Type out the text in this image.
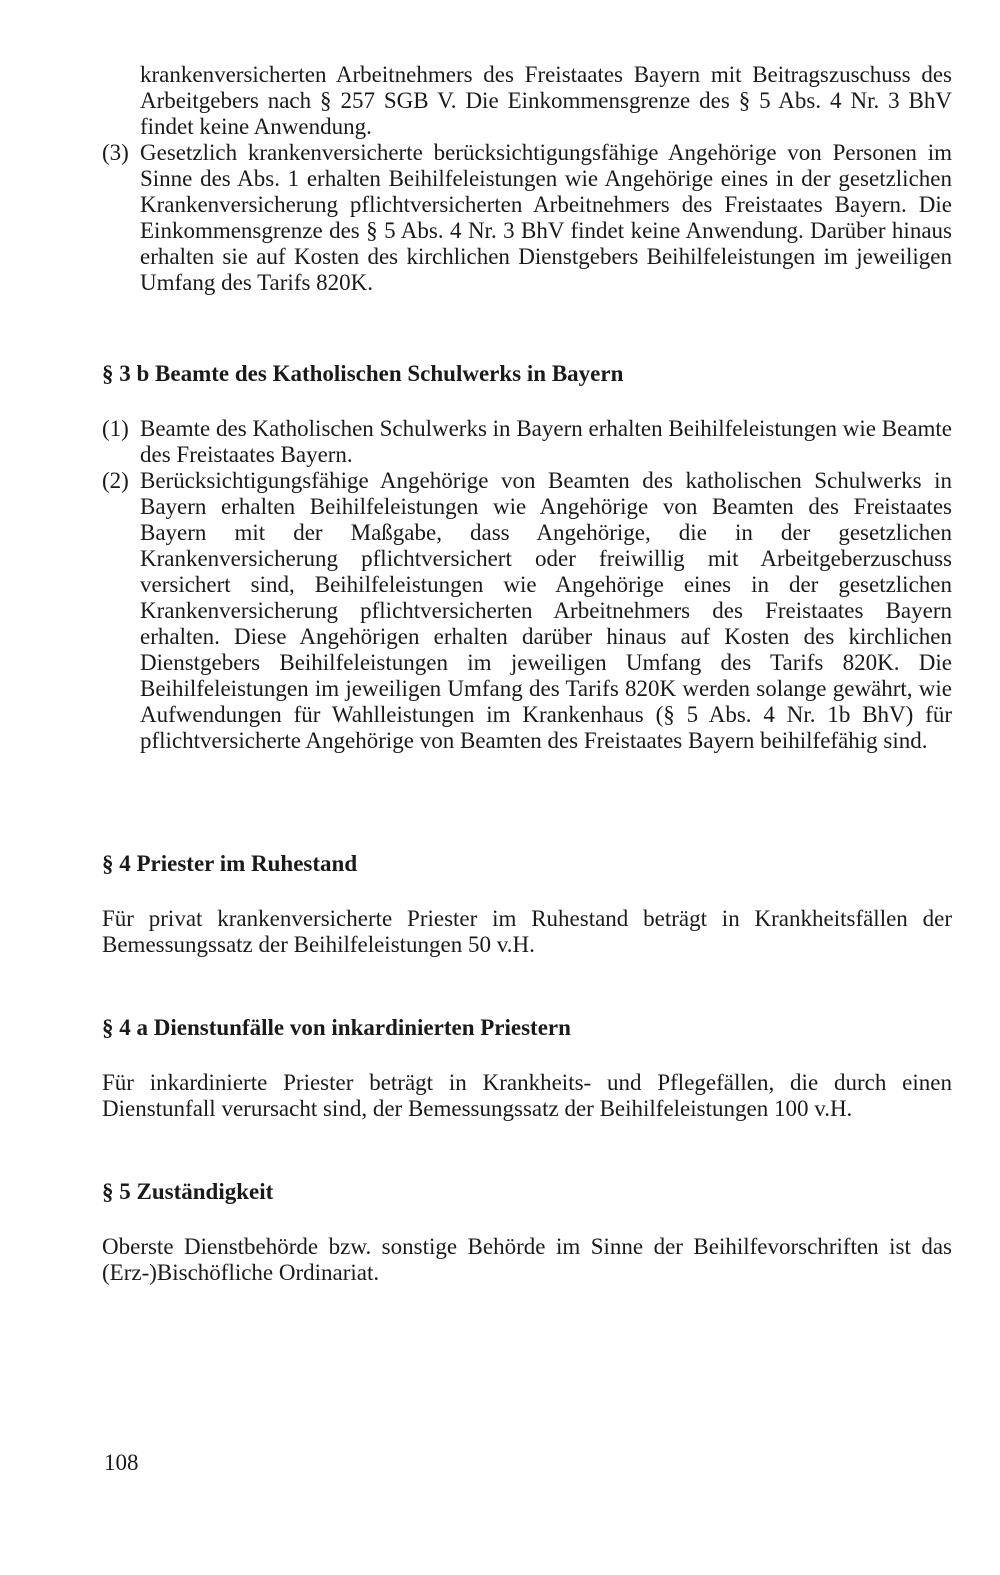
krankenversicherten Arbeitnehmers des Freistaates Bayern mit Beitragszuschuss des Arbeitgebers nach § 257 SGB V. Die Einkommensgrenze des § 5 Abs. 4 Nr. 3 BhV findet keine Anwendung.
(3) Gesetzlich krankenversicherte berücksichtigungsfähige Angehörige von Personen im Sinne des Abs. 1 erhalten Beihilfeleistungen wie Angehörige eines in der gesetzlichen Krankenversicherung pflichtversicherten Arbeitnehmers des Freistaates Bayern. Die Einkommensgrenze des § 5 Abs. 4 Nr. 3 BhV findet keine Anwendung. Darüber hinaus erhalten sie auf Kosten des kirchlichen Dienstgebers Beihilfeleistungen im jeweiligen Umfang des Tarifs 820K.
§ 3 b Beamte des Katholischen Schulwerks in Bayern
(1) Beamte des Katholischen Schulwerks in Bayern erhalten Beihilfeleistungen wie Beamte des Freistaates Bayern.
(2) Berücksichtigungsfähige Angehörige von Beamten des katholischen Schulwerks in Bayern erhalten Beihilfeleistungen wie Angehörige von Beamten des Freistaates Bayern mit der Maßgabe, dass Angehörige, die in der gesetzlichen Krankenversicherung pflichtversichert oder freiwillig mit Arbeitgeberzuschuss versichert sind, Beihilfeleistungen wie Angehörige eines in der gesetzlichen Krankenversicherung pflichtversicherten Arbeitnehmers des Freistaates Bayern erhalten. Diese Angehörigen erhalten darüber hinaus auf Kosten des kirchlichen Dienstgebers Beihilfeleistungen im jeweiligen Umfang des Tarifs 820K. Die Beihilfeleistungen im jeweiligen Umfang des Tarifs 820K werden solange gewährt, wie Aufwendungen für Wahlleistungen im Krankenhaus (§ 5 Abs. 4 Nr. 1b BhV) für pflichtversicherte Angehörige von Beamten des Freistaates Bayern beihilfefähig sind.
§ 4 Priester im Ruhestand
Für privat krankenversicherte Priester im Ruhestand beträgt in Krankheitsfällen der Bemessungssatz der Beihilfeleistungen 50 v.H.
§ 4 a Dienstunfälle von inkardinierten Priestern
Für inkardinierte Priester beträgt in Krankheits- und Pflegefällen, die durch einen Dienstunfall verursacht sind, der Bemessungssatz der Beihilfeleistungen 100 v.H.
§ 5 Zuständigkeit
Oberste Dienstbehörde bzw. sonstige Behörde im Sinne der Beihilfevorschriften ist das (Erz-)Bischöfliche Ordinariat.
108
